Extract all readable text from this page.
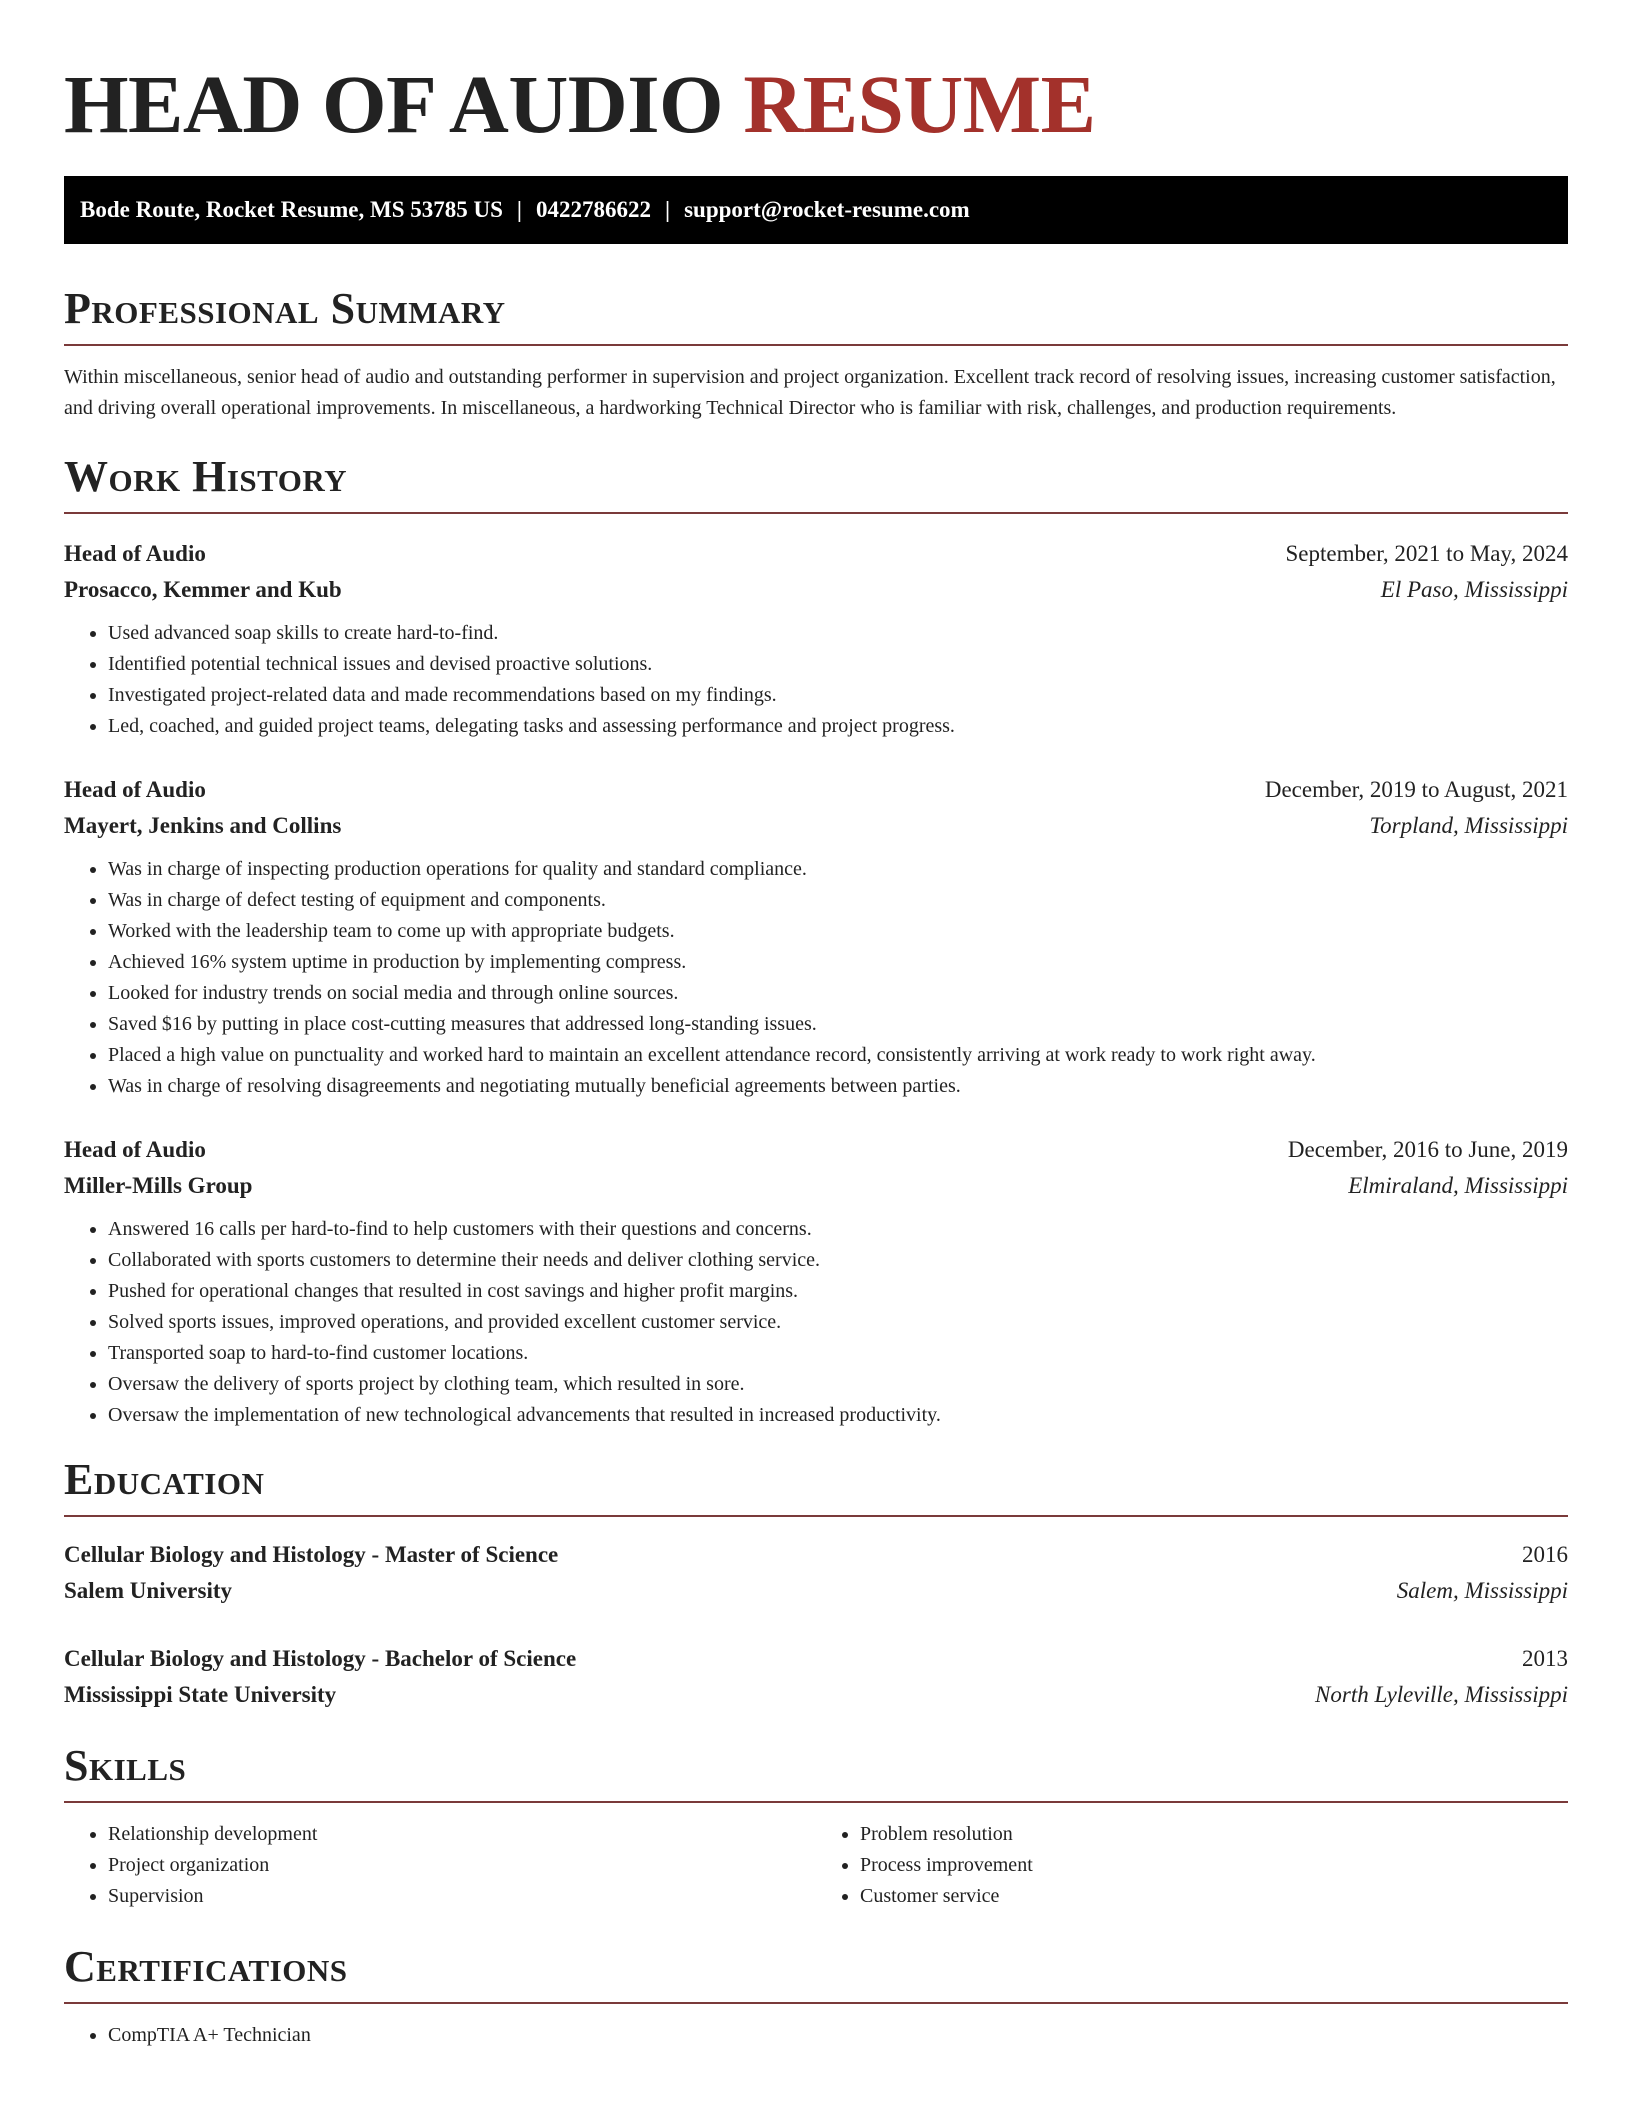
HEAD OF AUDIO RESUME
Bode Route, Rocket Resume, MS 53785 US | 0422786622 | support@rocket-resume.com
Professional Summary

Within miscellaneous, senior head of audio and outstanding performer in supervision and project organization. Excellent track record of resolving issues, increasing customer satisfaction, and driving overall operational improvements. In miscellaneous, a hardworking Technical Director who is familiar with risk, challenges, and production requirements.

Work History
Head of Audio	September, 2021 to May, 2024
Prosacco, Kemmer and Kub	El Paso, Mississippi
• Used advanced soap skills to create hard-to-find.
• Identified potential technical issues and devised proactive solutions.
• Investigated project-related data and made recommendations based on my findings.
• Led, coached, and guided project teams, delegating tasks and assessing performance and project progress.
Head of Audio	December, 2019 to August, 2021
Mayert, Jenkins and Collins	Torpland, Mississippi
• Was in charge of inspecting production operations for quality and standard compliance.
• Was in charge of defect testing of equipment and components.
• Worked with the leadership team to come up with appropriate budgets.
• Achieved 16% system uptime in production by implementing compress.
• Looked for industry trends on social media and through online sources.
• Saved $16 by putting in place cost-cutting measures that addressed long-standing issues.
• Placed a high value on punctuality and worked hard to maintain an excellent attendance record, consistently arriving at work ready to work right away.
• Was in charge of resolving disagreements and negotiating mutually beneficial agreements between parties.
Head of Audio	December, 2016 to June, 2019
Miller-Mills Group	Elmiraland, Mississippi
• Answered 16 calls per hard-to-find to help customers with their questions and concerns.
• Collaborated with sports customers to determine their needs and deliver clothing service.
• Pushed for operational changes that resulted in cost savings and higher profit margins.
• Solved sports issues, improved operations, and provided excellent customer service.
• Transported soap to hard-to-find customer locations.
• Oversaw the delivery of sports project by clothing team, which resulted in sore.
• Oversaw the implementation of new technological advancements that resulted in increased productivity.
Education
Cellular Biology and Histology - Master of Science	2016
Salem University	Salem, Mississippi
Cellular Biology and Histology - Bachelor of Science	2013
Mississippi State University	North Lyleville, Mississippi
Skills
• Relationship development
• Project organization
• Supervision
• Problem resolution
• Process improvement
• Customer service
Certifications
• CompTIA A+ Technician
